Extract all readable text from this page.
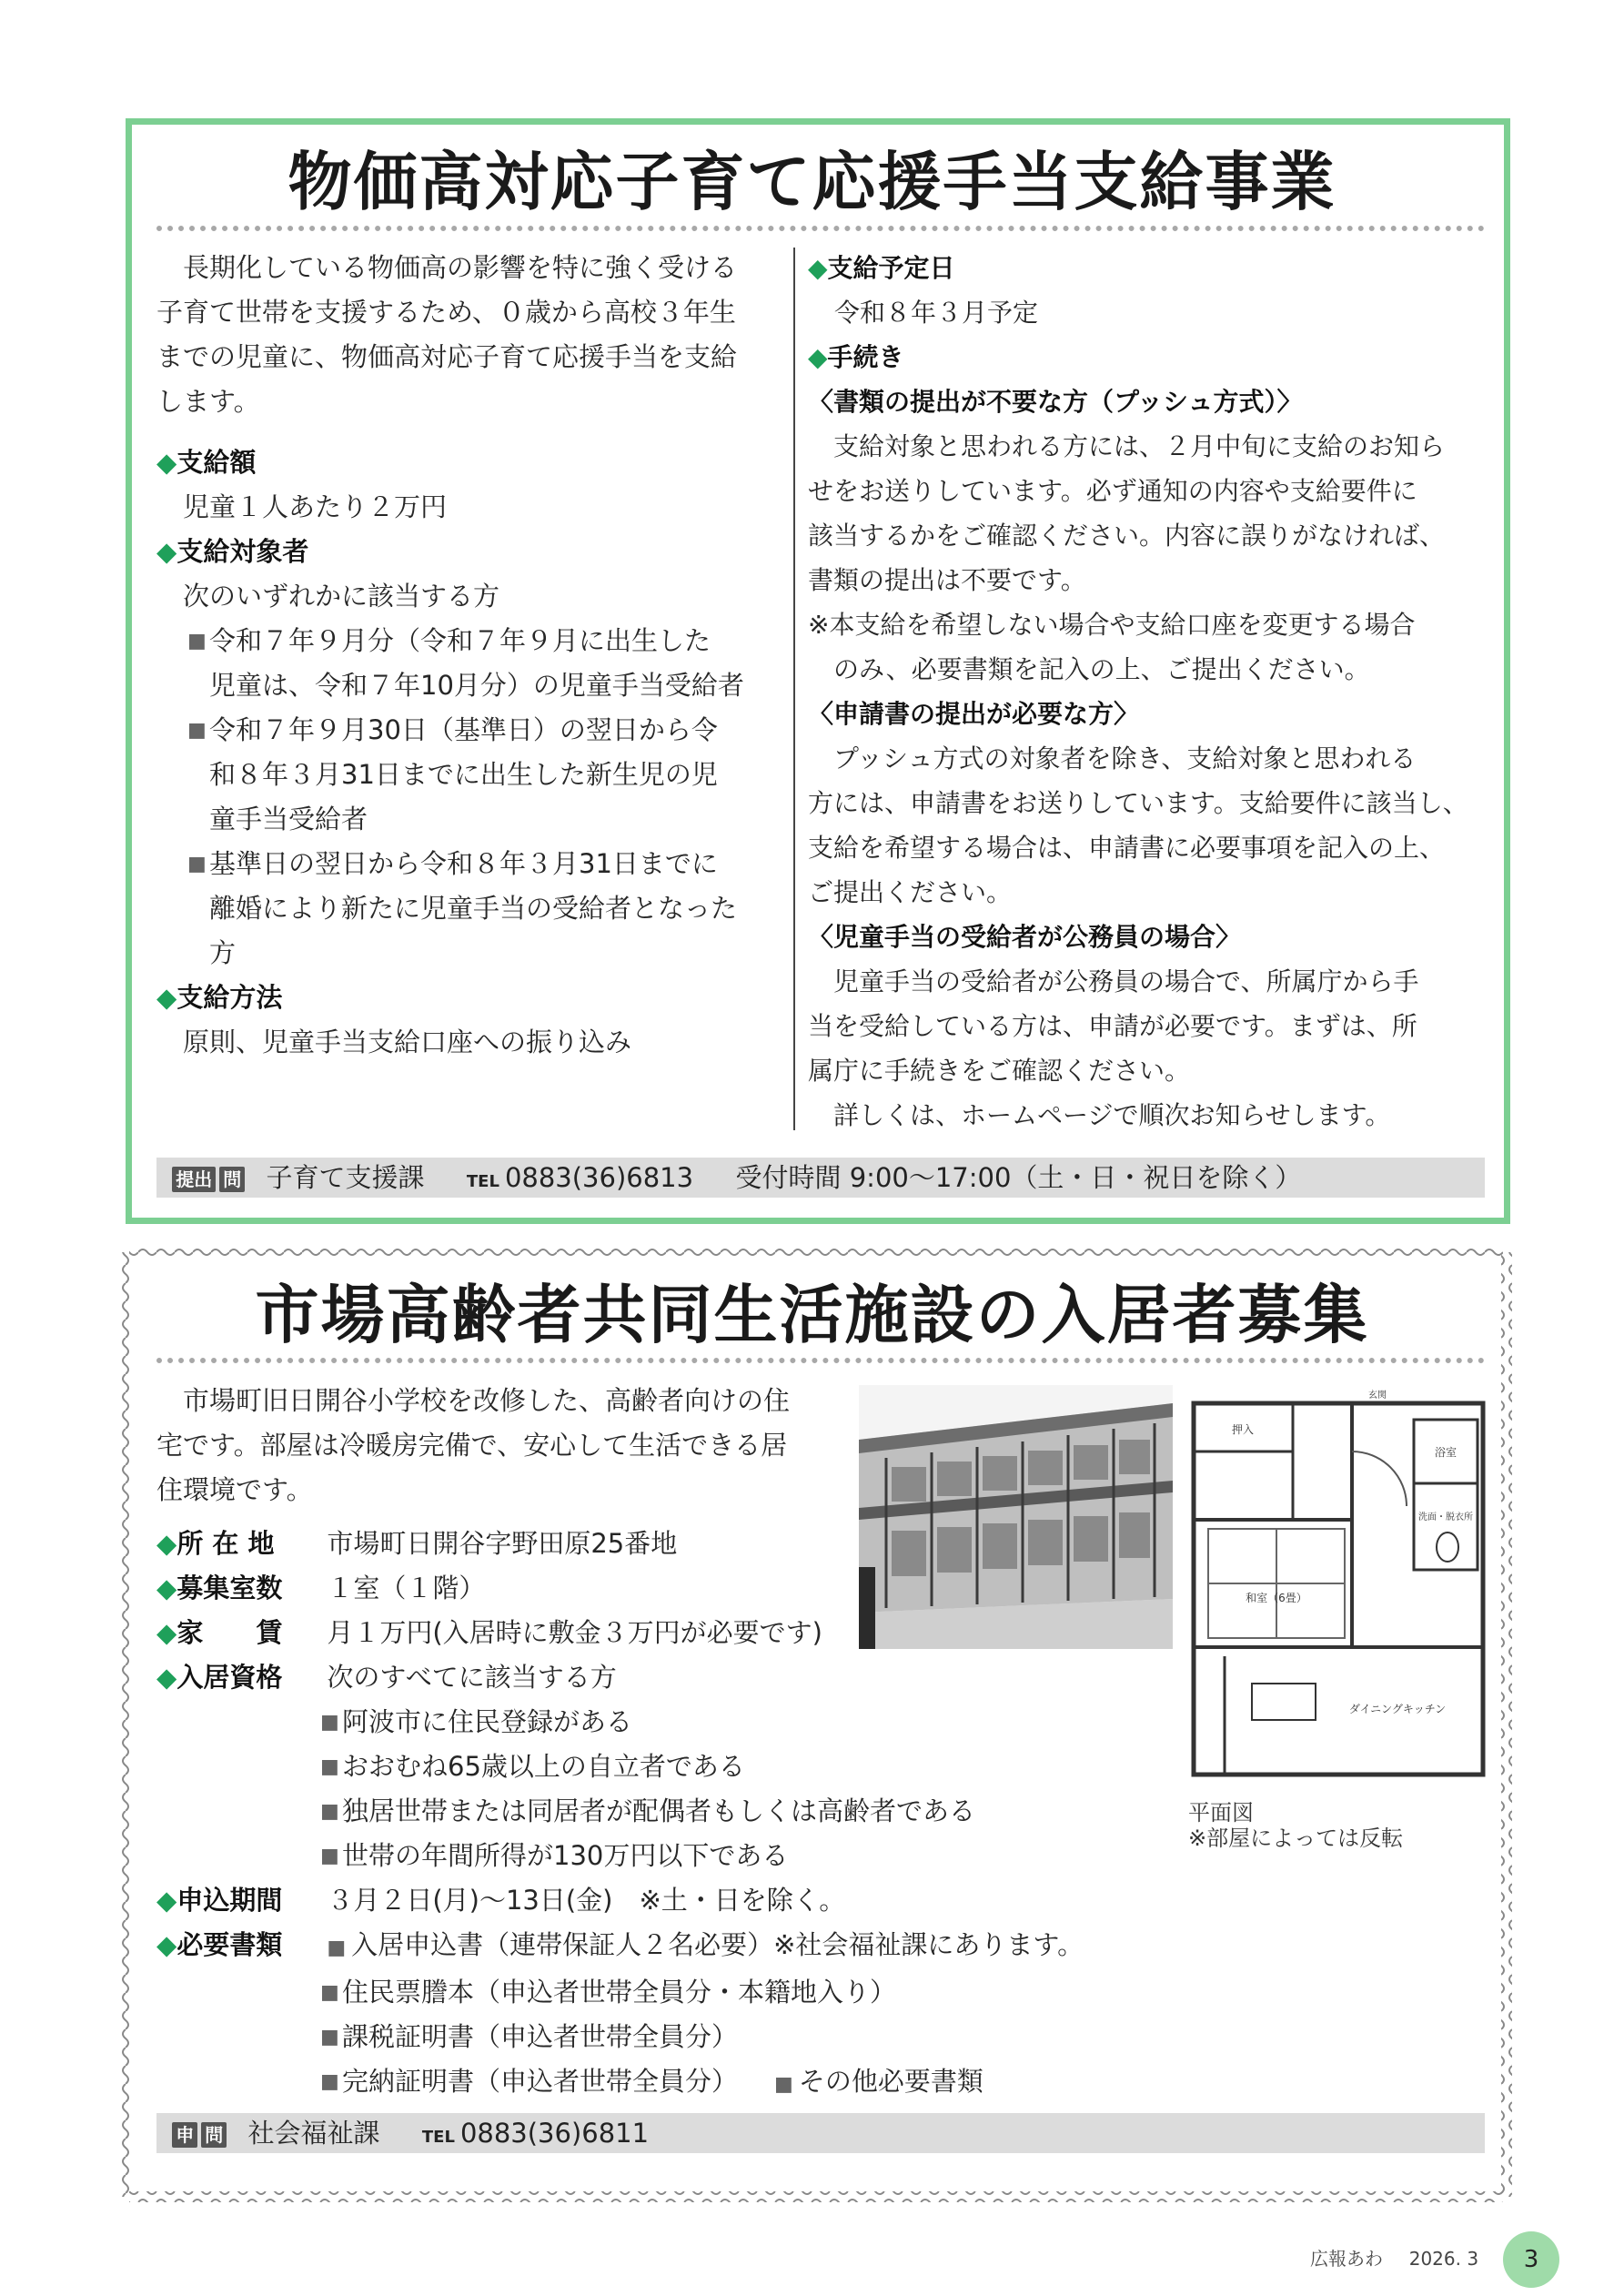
物価高対応子育て応援手当支給事業
　長期化している物価高の影響を特に強く受ける
子育て世帯を支援するため、０歳から高校３年生
までの児童に、物価高対応子育て応援手当を支給
します。
◆支給額
児童１人あたり２万円
◆支給対象者
次のいずれかに該当する方
■ 令和７年９月分（令和７年９月に出生した
児童は、令和７年10月分）の児童手当受給者
■ 令和７年９月30日（基準日）の翌日から令
和８年３月31日までに出生した新生児の児
童手当受給者
■ 基準日の翌日から令和８年３月31日までに
離婚により新たに児童手当の受給者となった
方
◆支給方法
原則、児童手当支給口座への振り込み
◆支給予定日
令和８年３月予定
◆手続き
〈書類の提出が不要な方（プッシュ方式）〉
　支給対象と思われる方には、２月中旬に支給のお知ら
せをお送りしています。必ず通知の内容や支給要件に
該当するかをご確認ください。内容に誤りがなければ、
書類の提出は不要です。
※本支給を希望しない場合や支給口座を変更する場合
　のみ、必要書類を記入の上、ご提出ください。
〈申請書の提出が必要な方〉
　プッシュ方式の対象者を除き、支給対象と思われる
方には、申請書をお送りしています。支給要件に該当し、
支給を希望する場合は、申請書に必要事項を記入の上、
ご提出ください。
〈児童手当の受給者が公務員の場合〉
　児童手当の受給者が公務員の場合で、所属庁から手
当を受給している方は、申請が必要です。まずは、所
属庁に手続きをご確認ください。
　詳しくは、ホームページで順次お知らせします。
提出 問 子育て支援課	TEL 0883(36)6813 受付時間 9:00〜17:00（土・日・祝日を除く）
市場高齢者共同生活施設の入居者募集
　市場町旧日開谷小学校を改修した、高齢者向けの住
宅です。部屋は冷暖房完備で、安心して生活できる居
住環境です。
押入
浴室
洗面・脱衣所
和室（6畳）
ダイニングキッチン
玄関
平面図
※部屋によっては反転
◆所 在 地 市場町日開谷字野田原25番地
◆募集室数 １室（１階）
◆家　　賃 月１万円(入居時に敷金３万円が必要です)
◆入居資格 次のすべてに該当する方
■ 阿波市に住民登録がある
■ おおむね65歳以上の自立者である
■ 独居世帯または同居者が配偶者もしくは高齢者である
■ 世帯の年間所得が130万円以下である
◆申込期間 ３月２日(月)〜13日(金)　※土・日を除く。
◆必要書類 ■ 入居申込書（連帯保証人２名必要）※社会福祉課にあります。
■ 住民票謄本（申込者世帯全員分・本籍地入り）
■ 課税証明書（申込者世帯全員分）
■ 完納証明書（申込者世帯全員分） ■ その他必要書類
申 問 社会福祉課	TEL 0883(36)6811
広報あわ 2026. 3	3
